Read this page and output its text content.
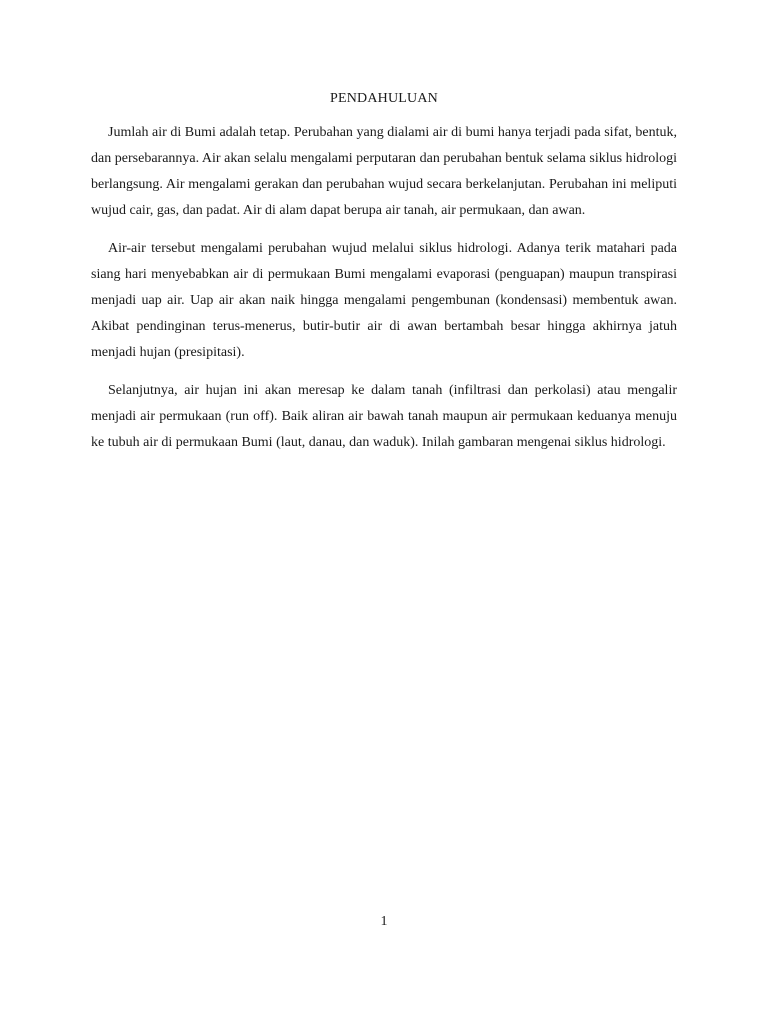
PENDAHULUAN

Jumlah air di Bumi adalah tetap. Perubahan yang dialami air di bumi hanya terjadi pada sifat, bentuk, dan persebarannya. Air akan selalu mengalami perputaran dan perubahan bentuk selama siklus hidrologi berlangsung. Air mengalami gerakan dan perubahan wujud secara berkelanjutan. Perubahan ini meliputi wujud cair, gas, dan padat. Air di alam dapat berupa air tanah, air permukaan, dan awan.

Air-air tersebut mengalami perubahan wujud melalui siklus hidrologi. Adanya terik matahari pada siang hari menyebabkan air di permukaan Bumi mengalami evaporasi (penguapan) maupun transpirasi menjadi uap air. Uap air akan naik hingga mengalami pengembunan (kondensasi) membentuk awan. Akibat pendinginan terus-menerus, butir-butir air di awan bertambah besar hingga akhirnya jatuh menjadi hujan (presipitasi).

Selanjutnya, air hujan ini akan meresap ke dalam tanah (infiltrasi dan perkolasi) atau mengalir menjadi air permukaan (run off). Baik aliran air bawah tanah maupun air permukaan keduanya menuju ke tubuh air di permukaan Bumi (laut, danau, dan waduk). Inilah gambaran mengenai siklus hidrologi.

1
